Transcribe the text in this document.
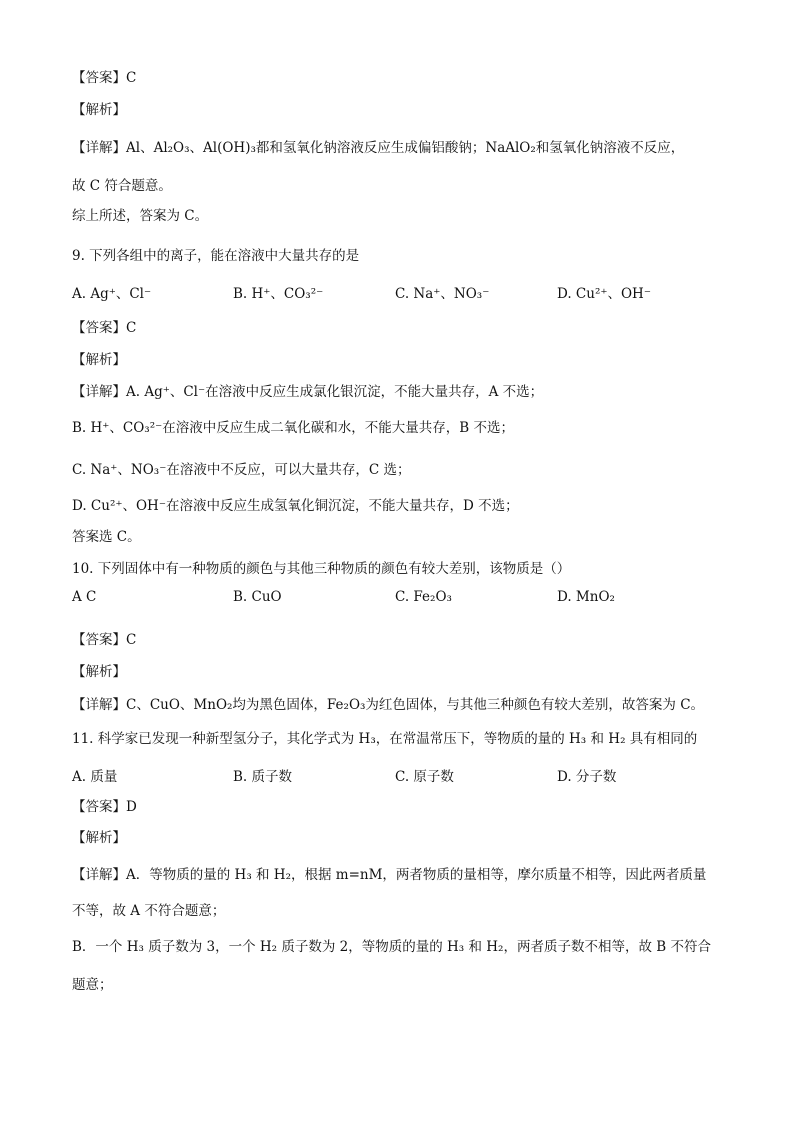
【答案】C
【解析】
【详解】Al、Al₂O₃、Al(OH)₃都和氢氧化钠溶液反应生成偏铝酸钠；NaAlO₂和氢氧化钠溶液不反应，
故 C 符合题意。
综上所述，答案为 C。
9. 下列各组中的离子，能在溶液中大量共存的是
【答案】C
【解析】
【详解】A. Ag⁺、Cl⁻在溶液中反应生成氯化银沉淀，不能大量共存，A 不选；
B. H⁺、CO₃²⁻在溶液中反应生成二氧化碳和水，不能大量共存，B 不选；
C. Na⁺、NO₃⁻在溶液中不反应，可以大量共存，C 选；
D. Cu²⁺、OH⁻在溶液中反应生成氢氧化铜沉淀，不能大量共存，D 不选；
答案选 C。
10. 下列固体中有一种物质的颜色与其他三种物质的颜色有较大差别，该物质是（）
【答案】C
【解析】
【详解】C、CuO、MnO₂均为黑色固体，Fe₂O₃为红色固体，与其他三种颜色有较大差别，故答案为 C。
11. 科学家已发现一种新型氢分子，其化学式为 H₃，在常温常压下，等物质的量的 H₃ 和 H₂ 具有相同的
【答案】D
【解析】
【详解】A．等物质的量的 H₃ 和 H₂，根据 m=nM，两者物质的量相等，摩尔质量不相等，因此两者质量
不等，故 A 不符合题意；
B．一个 H₃ 质子数为 3，一个 H₂ 质子数为 2，等物质的量的 H₃ 和 H₂，两者质子数不相等，故 B 不符合
题意；
A. Ag⁺、Cl⁻	B. H⁺、CO₃²⁻	C. Na⁺、NO₃⁻	D. Cu²⁺、OH⁻
A C	B. CuO	C. Fe₂O₃	D. MnO₂
A. 质量	B. 质子数	C. 原子数	D. 分子数
